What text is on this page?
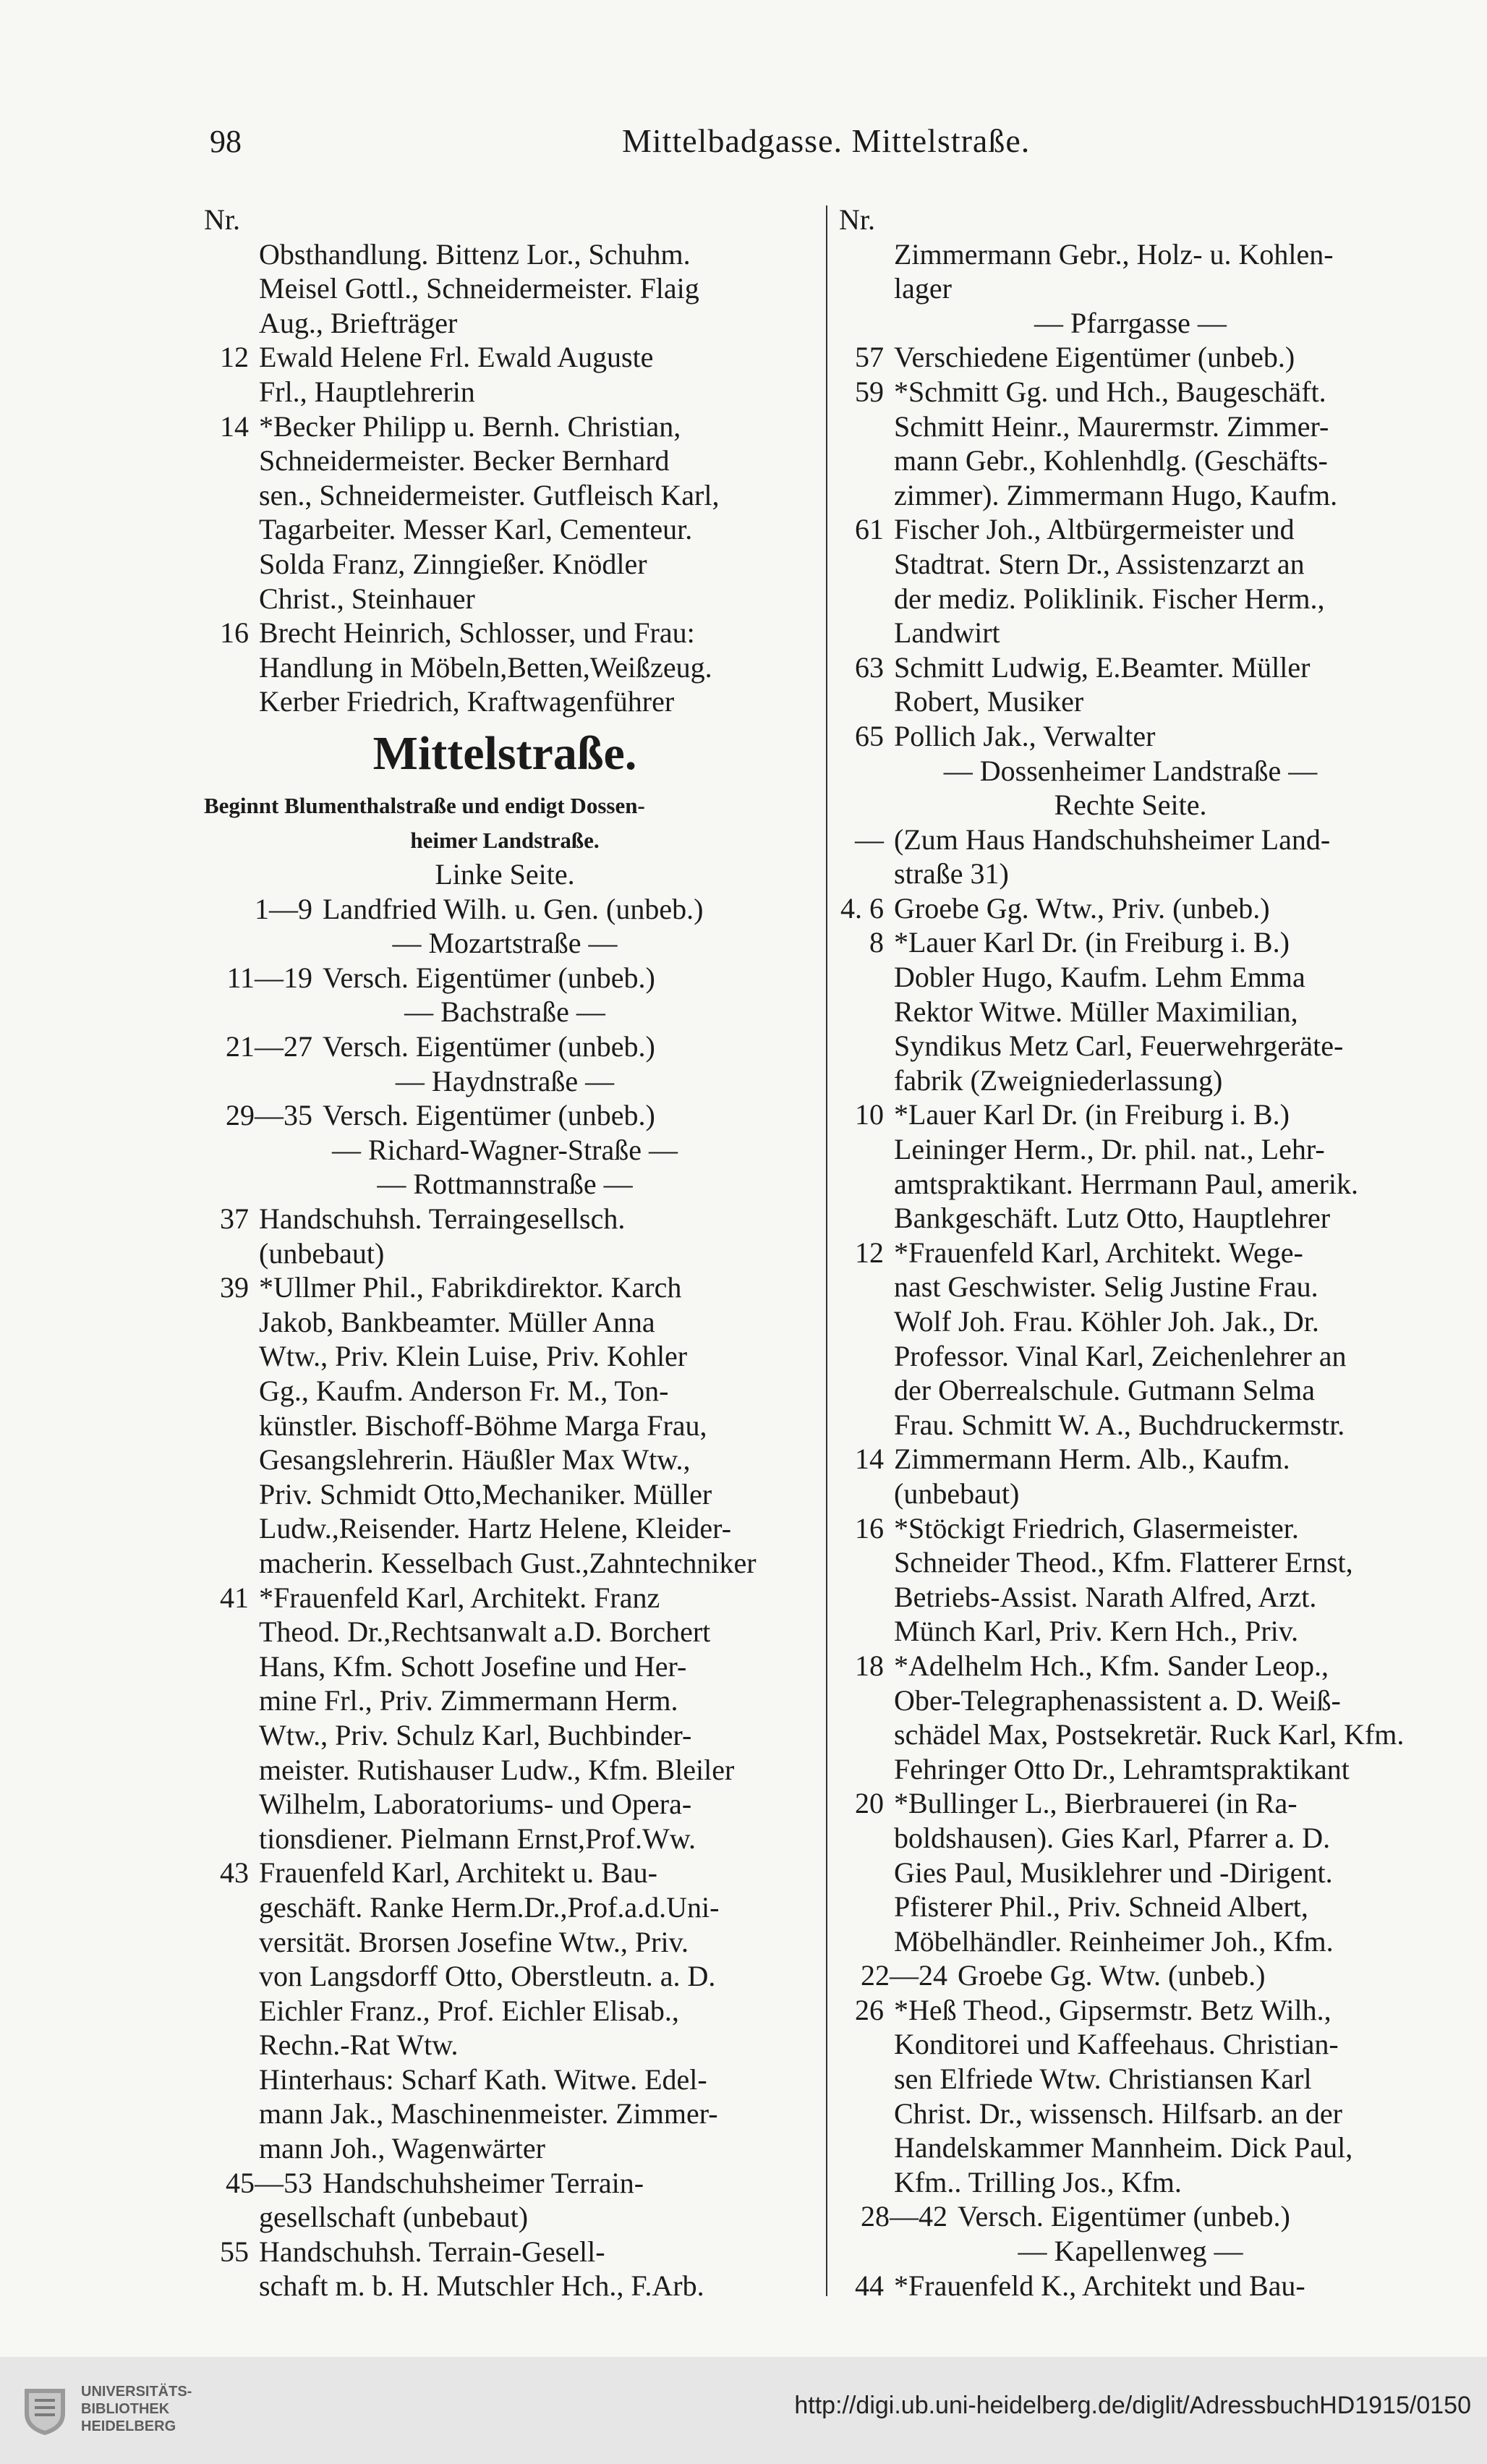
98	Mittelbadgasse. Mittelstraße.
Nr.
Obsthandlung. Bittenz Lor., Schuhm.
Meisel Gottl., Schneidermeister. Flaig
Aug., Briefträger
12 Ewald Helene Frl. Ewald Auguste
Frl., Hauptlehrerin
14 *Becker Philipp u. Bernh. Christian,
Schneidermeister. Becker Bernhard
sen., Schneidermeister. Gutfleisch Karl,
Tagarbeiter. Messer Karl, Cementeur.
Solda Franz, Zinngießer. Knödler
Christ., Steinhauer
16 Brecht Heinrich, Schlosser, und Frau:
Handlung in Möbeln,Betten,Weißzeug.
Kerber Friedrich, Kraftwagenführer
Mittelstraße.
Beginnt Blumenthalstraße und endigt Dossen-
heimer Landstraße.
Linke Seite.
1—9 Landfried Wilh. u. Gen. (unbeb.)
— Mozartstraße —
11—19 Versch. Eigentümer (unbeb.)
— Bachstraße —
21—27 Versch. Eigentümer (unbeb.)
— Haydnstraße —
29—35 Versch. Eigentümer (unbeb.)
— Richard-Wagner-Straße —
— Rottmannstraße —
37 Handschuhsh. Terraingesellsch.
(unbebaut)
39 *Ullmer Phil., Fabrikdirektor. Karch
Jakob, Bankbeamter. Müller Anna
Wtw., Priv. Klein Luise, Priv. Kohler
Gg., Kaufm. Anderson Fr. M., Ton-
künstler. Bischoff-Böhme Marga Frau,
Gesangslehrerin. Häußler Max Wtw.,
Priv. Schmidt Otto,Mechaniker. Müller
Ludw.,Reisender. Hartz Helene, Kleider-
macherin. Kesselbach Gust.,Zahntechniker
41 *Frauenfeld Karl, Architekt. Franz
Theod. Dr.,Rechtsanwalt a.D. Borchert
Hans, Kfm. Schott Josefine und Her-
mine Frl., Priv. Zimmermann Herm.
Wtw., Priv. Schulz Karl, Buchbinder-
meister. Rutishauser Ludw., Kfm. Bleiler
Wilhelm, Laboratoriums- und Opera-
tionsdiener. Pielmann Ernst,Prof.Ww.
43 Frauenfeld Karl, Architekt u. Bau-
geschäft. Ranke Herm.Dr.,Prof.a.d.Uni-
versität. Brorsen Josefine Wtw., Priv.
von Langsdorff Otto, Oberstleutn. a. D.
Eichler Franz., Prof. Eichler Elisab.,
Rechn.-Rat Wtw.
Hinterhaus: Scharf Kath. Witwe. Edel-
mann Jak., Maschinenmeister. Zimmer-
mann Joh., Wagenwärter
45—53 Handschuhsheimer Terrain-
gesellschaft (unbebaut)
55 Handschuhsh. Terrain-Gesell-
schaft m. b. H. Mutschler Hch., F.Arb.
Nr.
Zimmermann Gebr., Holz- u. Kohlen-
lager
— Pfarrgasse —
57 Verschiedene Eigentümer (unbeb.)
59 *Schmitt Gg. und Hch., Baugeschäft.
Schmitt Heinr., Maurermstr. Zimmer-
mann Gebr., Kohlenhdlg. (Geschäfts-
zimmer). Zimmermann Hugo, Kaufm.
61 Fischer Joh., Altbürgermeister und
Stadtrat. Stern Dr., Assistenzarzt an
der mediz. Poliklinik. Fischer Herm.,
Landwirt
63 Schmitt Ludwig, E.Beamter. Müller
Robert, Musiker
65 Pollich Jak., Verwalter
— Dossenheimer Landstraße —
Rechte Seite.
— (Zum Haus Handschuhsheimer Land-
straße 31)
4. 6 Groebe Gg. Wtw., Priv. (unbeb.)
8 *Lauer Karl Dr. (in Freiburg i. B.)
Dobler Hugo, Kaufm. Lehm Emma
Rektor Witwe. Müller Maximilian,
Syndikus Metz Carl, Feuerwehrgeräte-
fabrik (Zweigniederlassung)
10 *Lauer Karl Dr. (in Freiburg i. B.)
Leininger Herm., Dr. phil. nat., Lehr-
amtspraktikant. Herrmann Paul, amerik.
Bankgeschäft. Lutz Otto, Hauptlehrer
12 *Frauenfeld Karl, Architekt. Wege-
nast Geschwister. Selig Justine Frau.
Wolf Joh. Frau. Köhler Joh. Jak., Dr.
Professor. Vinal Karl, Zeichenlehrer an
der Oberrealschule. Gutmann Selma
Frau. Schmitt W. A., Buchdruckermstr.
14 Zimmermann Herm. Alb., Kaufm.
(unbebaut)
16 *Stöckigt Friedrich, Glasermeister.
Schneider Theod., Kfm. Flatterer Ernst,
Betriebs-Assist. Narath Alfred, Arzt.
Münch Karl, Priv. Kern Hch., Priv.
18 *Adelhelm Hch., Kfm. Sander Leop.,
Ober-Telegraphenassistent a. D. Weiß-
schädel Max, Postsekretär. Ruck Karl, Kfm.
Fehringer Otto Dr., Lehramtspraktikant
20 *Bullinger L., Bierbrauerei (in Ra-
boldshausen). Gies Karl, Pfarrer a. D.
Gies Paul, Musiklehrer und -Dirigent.
Pfisterer Phil., Priv. Schneid Albert,
Möbelhändler. Reinheimer Joh., Kfm.
22—24 Groebe Gg. Wtw. (unbeb.)
26 *Heß Theod., Gipsermstr. Betz Wilh.,
Konditorei und Kaffeehaus. Christian-
sen Elfriede Wtw. Christiansen Karl
Christ. Dr., wissensch. Hilfsarb. an der
Handelskammer Mannheim. Dick Paul,
Kfm.. Trilling Jos., Kfm.
28—42 Versch. Eigentümer (unbeb.)
— Kapellenweg —
44 *Frauenfeld K., Architekt und Bau-
UNIVERSITÄTS-
BIBLIOTHEK
HEIDELBERG
http://digi.ub.uni-heidelberg.de/diglit/AdressbuchHD1915/0150
